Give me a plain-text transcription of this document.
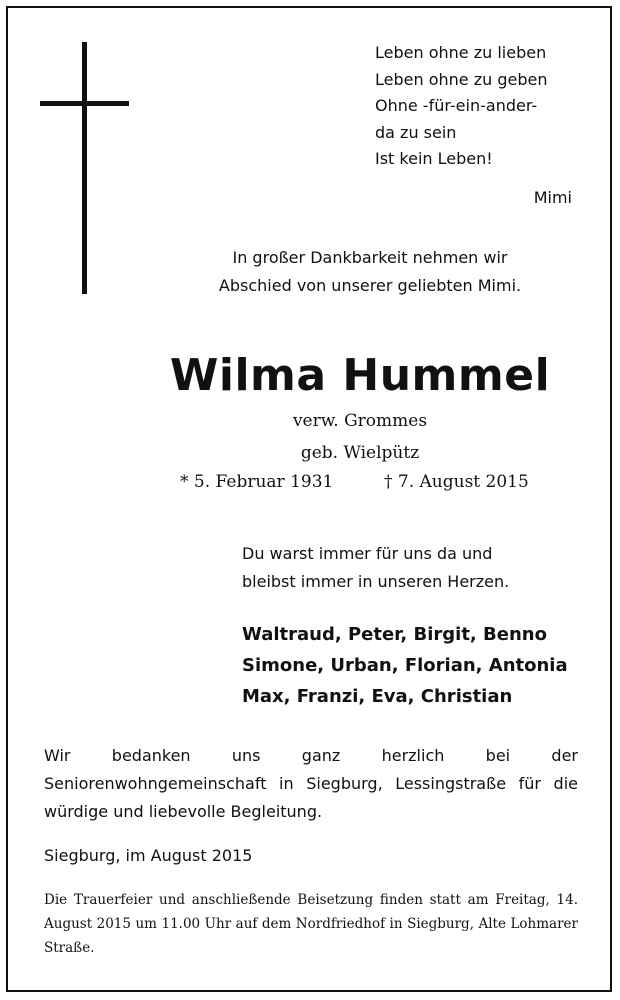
Leben ohne zu lieben
Leben ohne zu geben
Ohne -für-ein-ander-
da zu sein
Ist kein Leben!
Mimi
In großer Dankbarkeit nehmen wir
Abschied von unserer geliebten Mimi.
Wilma Hummel
verw. Grommes
geb. Wielpütz
* 5. Februar 1931	† 7. August 2015
Du warst immer für uns da und
bleibst immer in unseren Herzen.
Waltraud, Peter, Birgit, Benno
Simone, Urban, Florian, Antonia
Max, Franzi, Eva, Christian
Wir bedanken uns ganz herzlich bei der Seniorenwohngemeinschaft in Siegburg, Lessingstraße für die würdige und liebevolle Begleitung.
Siegburg, im August 2015
Die Trauerfeier und anschließende Beisetzung finden statt am Freitag, 14. August 2015 um 11.00 Uhr auf dem Nordfriedhof in Siegburg, Alte Lohmarer Straße.
